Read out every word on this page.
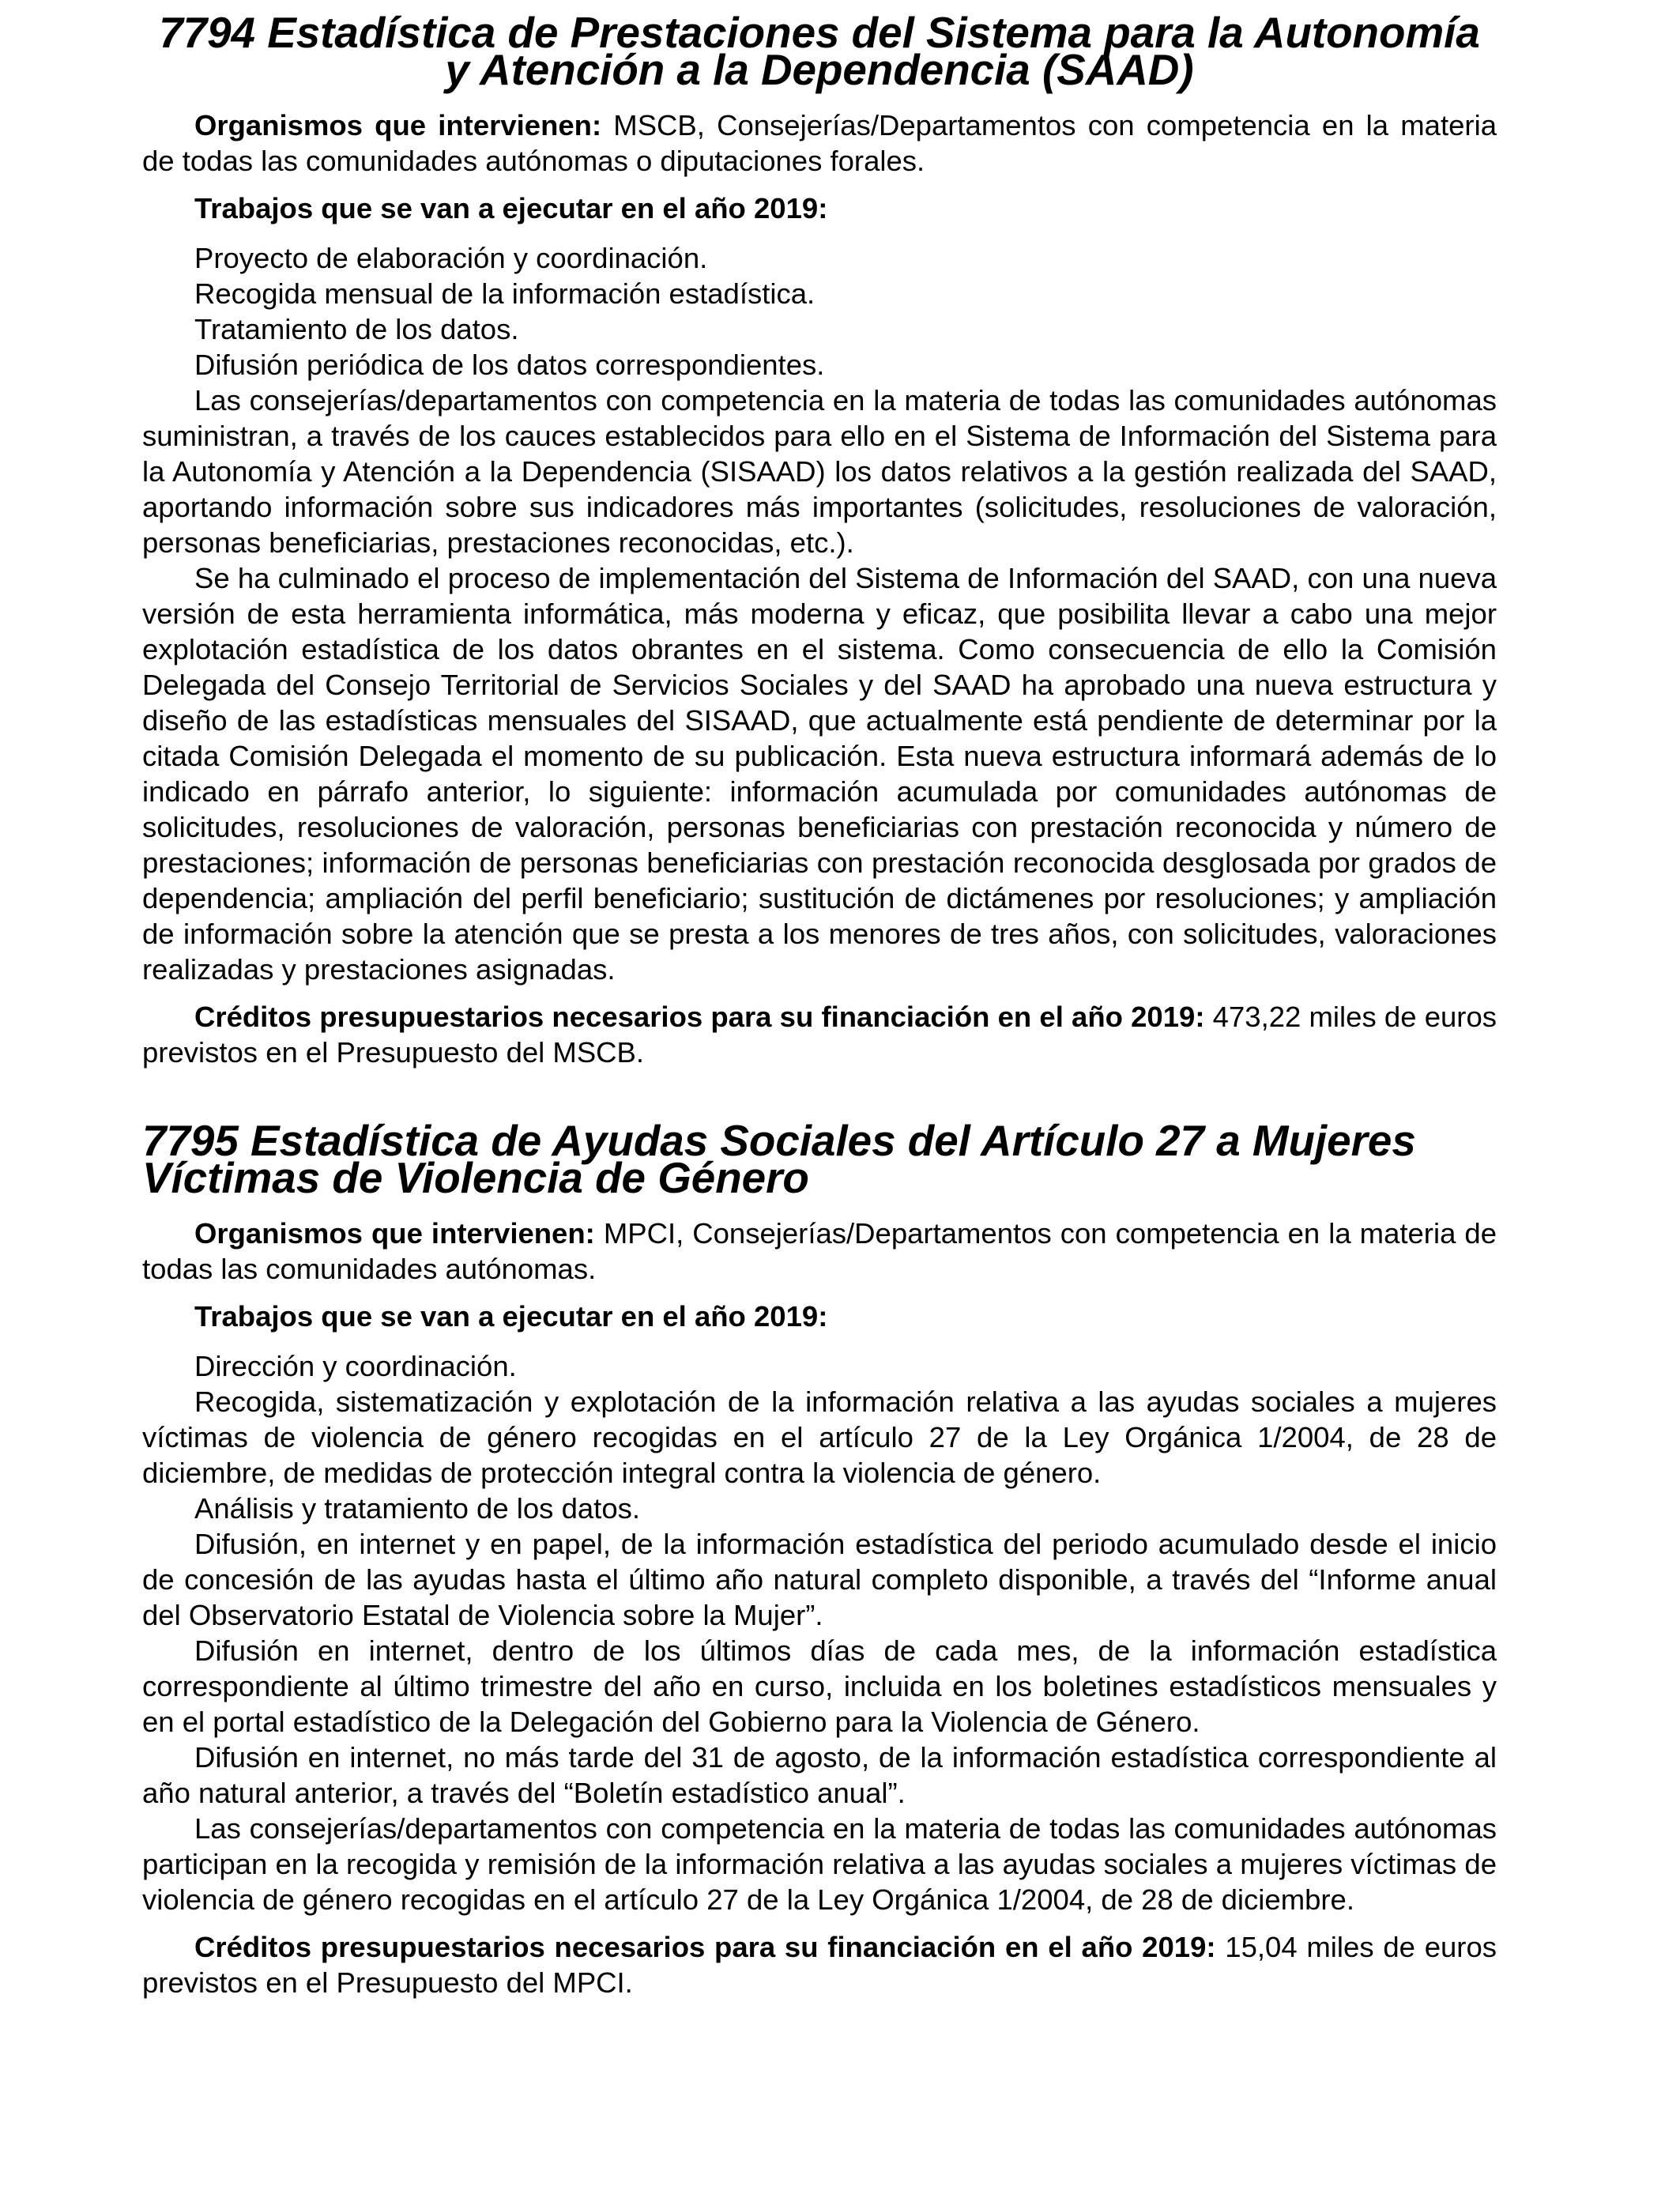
7794 Estadística de Prestaciones del Sistema para la Autonomía y Atención a la Dependencia (SAAD)

Organismos que intervienen: MSCB, Consejerías/Departamentos con competencia en la materia de todas las comunidades autónomas o diputaciones forales.

Trabajos que se van a ejecutar en el año 2019:

Proyecto de elaboración y coordinación.

Recogida mensual de la información estadística.

Tratamiento de los datos.

Difusión periódica de los datos correspondientes.

Las consejerías/departamentos con competencia en la materia de todas las comunidades autónomas suministran, a través de los cauces establecidos para ello en el Sistema de Información del Sistema para la Autonomía y Atención a la Dependencia (SISAAD) los datos relativos a la gestión realizada del SAAD, aportando información sobre sus indicadores más importantes (solicitudes, resoluciones de valoración, personas beneficiarias, prestaciones reconocidas, etc.).

Se ha culminado el proceso de implementación del Sistema de Información del SAAD, con una nueva versión de esta herramienta informática, más moderna y eficaz, que posibilita llevar a cabo una mejor explotación estadística de los datos obrantes en el sistema. Como consecuencia de ello la Comisión Delegada del Consejo Territorial de Servicios Sociales y del SAAD ha aprobado una nueva estructura y diseño de las estadísticas mensuales del SISAAD, que actualmente está pendiente de determinar por la citada Comisión Delegada el momento de su publicación. Esta nueva estructura informará además de lo indicado en párrafo anterior, lo siguiente: información acumulada por comunidades autónomas de solicitudes, resoluciones de valoración, personas beneficiarias con prestación reconocida y número de prestaciones; información de personas beneficiarias con prestación reconocida desglosada por grados de dependencia; ampliación del perfil beneficiario; sustitución de dictámenes por resoluciones; y ampliación de información sobre la atención que se presta a los menores de tres años, con solicitudes, valoraciones realizadas y prestaciones asignadas.

Créditos presupuestarios necesarios para su financiación en el año 2019: 473,22 miles de euros previstos en el Presupuesto del MSCB.

7795 Estadística de Ayudas Sociales del Artículo 27 a Mujeres Víctimas de Violencia de Género

Organismos que intervienen: MPCI, Consejerías/Departamentos con competencia en la materia de todas las comunidades autónomas.

Trabajos que se van a ejecutar en el año 2019:

Dirección y coordinación.

Recogida, sistematización y explotación de la información relativa a las ayudas sociales a mujeres víctimas de violencia de género recogidas en el artículo 27 de la Ley Orgánica 1/2004, de 28 de diciembre, de medidas de protección integral contra la violencia de género.

Análisis y tratamiento de los datos.

Difusión, en internet y en papel, de la información estadística del periodo acumulado desde el inicio de concesión de las ayudas hasta el último año natural completo disponible, a través del “Informe anual del Observatorio Estatal de Violencia sobre la Mujer”.

Difusión en internet, dentro de los últimos días de cada mes, de la información estadística correspondiente al último trimestre del año en curso, incluida en los boletines estadísticos mensuales y en el portal estadístico de la Delegación del Gobierno para la Violencia de Género.

Difusión en internet, no más tarde del 31 de agosto, de la información estadística correspondiente al año natural anterior, a través del “Boletín estadístico anual”.

Las consejerías/departamentos con competencia en la materia de todas las comunidades autónomas participan en la recogida y remisión de la información relativa a las ayudas sociales a mujeres víctimas de violencia de género recogidas en el artículo 27 de la Ley Orgánica 1/2004, de 28 de diciembre.

Créditos presupuestarios necesarios para su financiación en el año 2019: 15,04 miles de euros previstos en el Presupuesto del MPCI.
